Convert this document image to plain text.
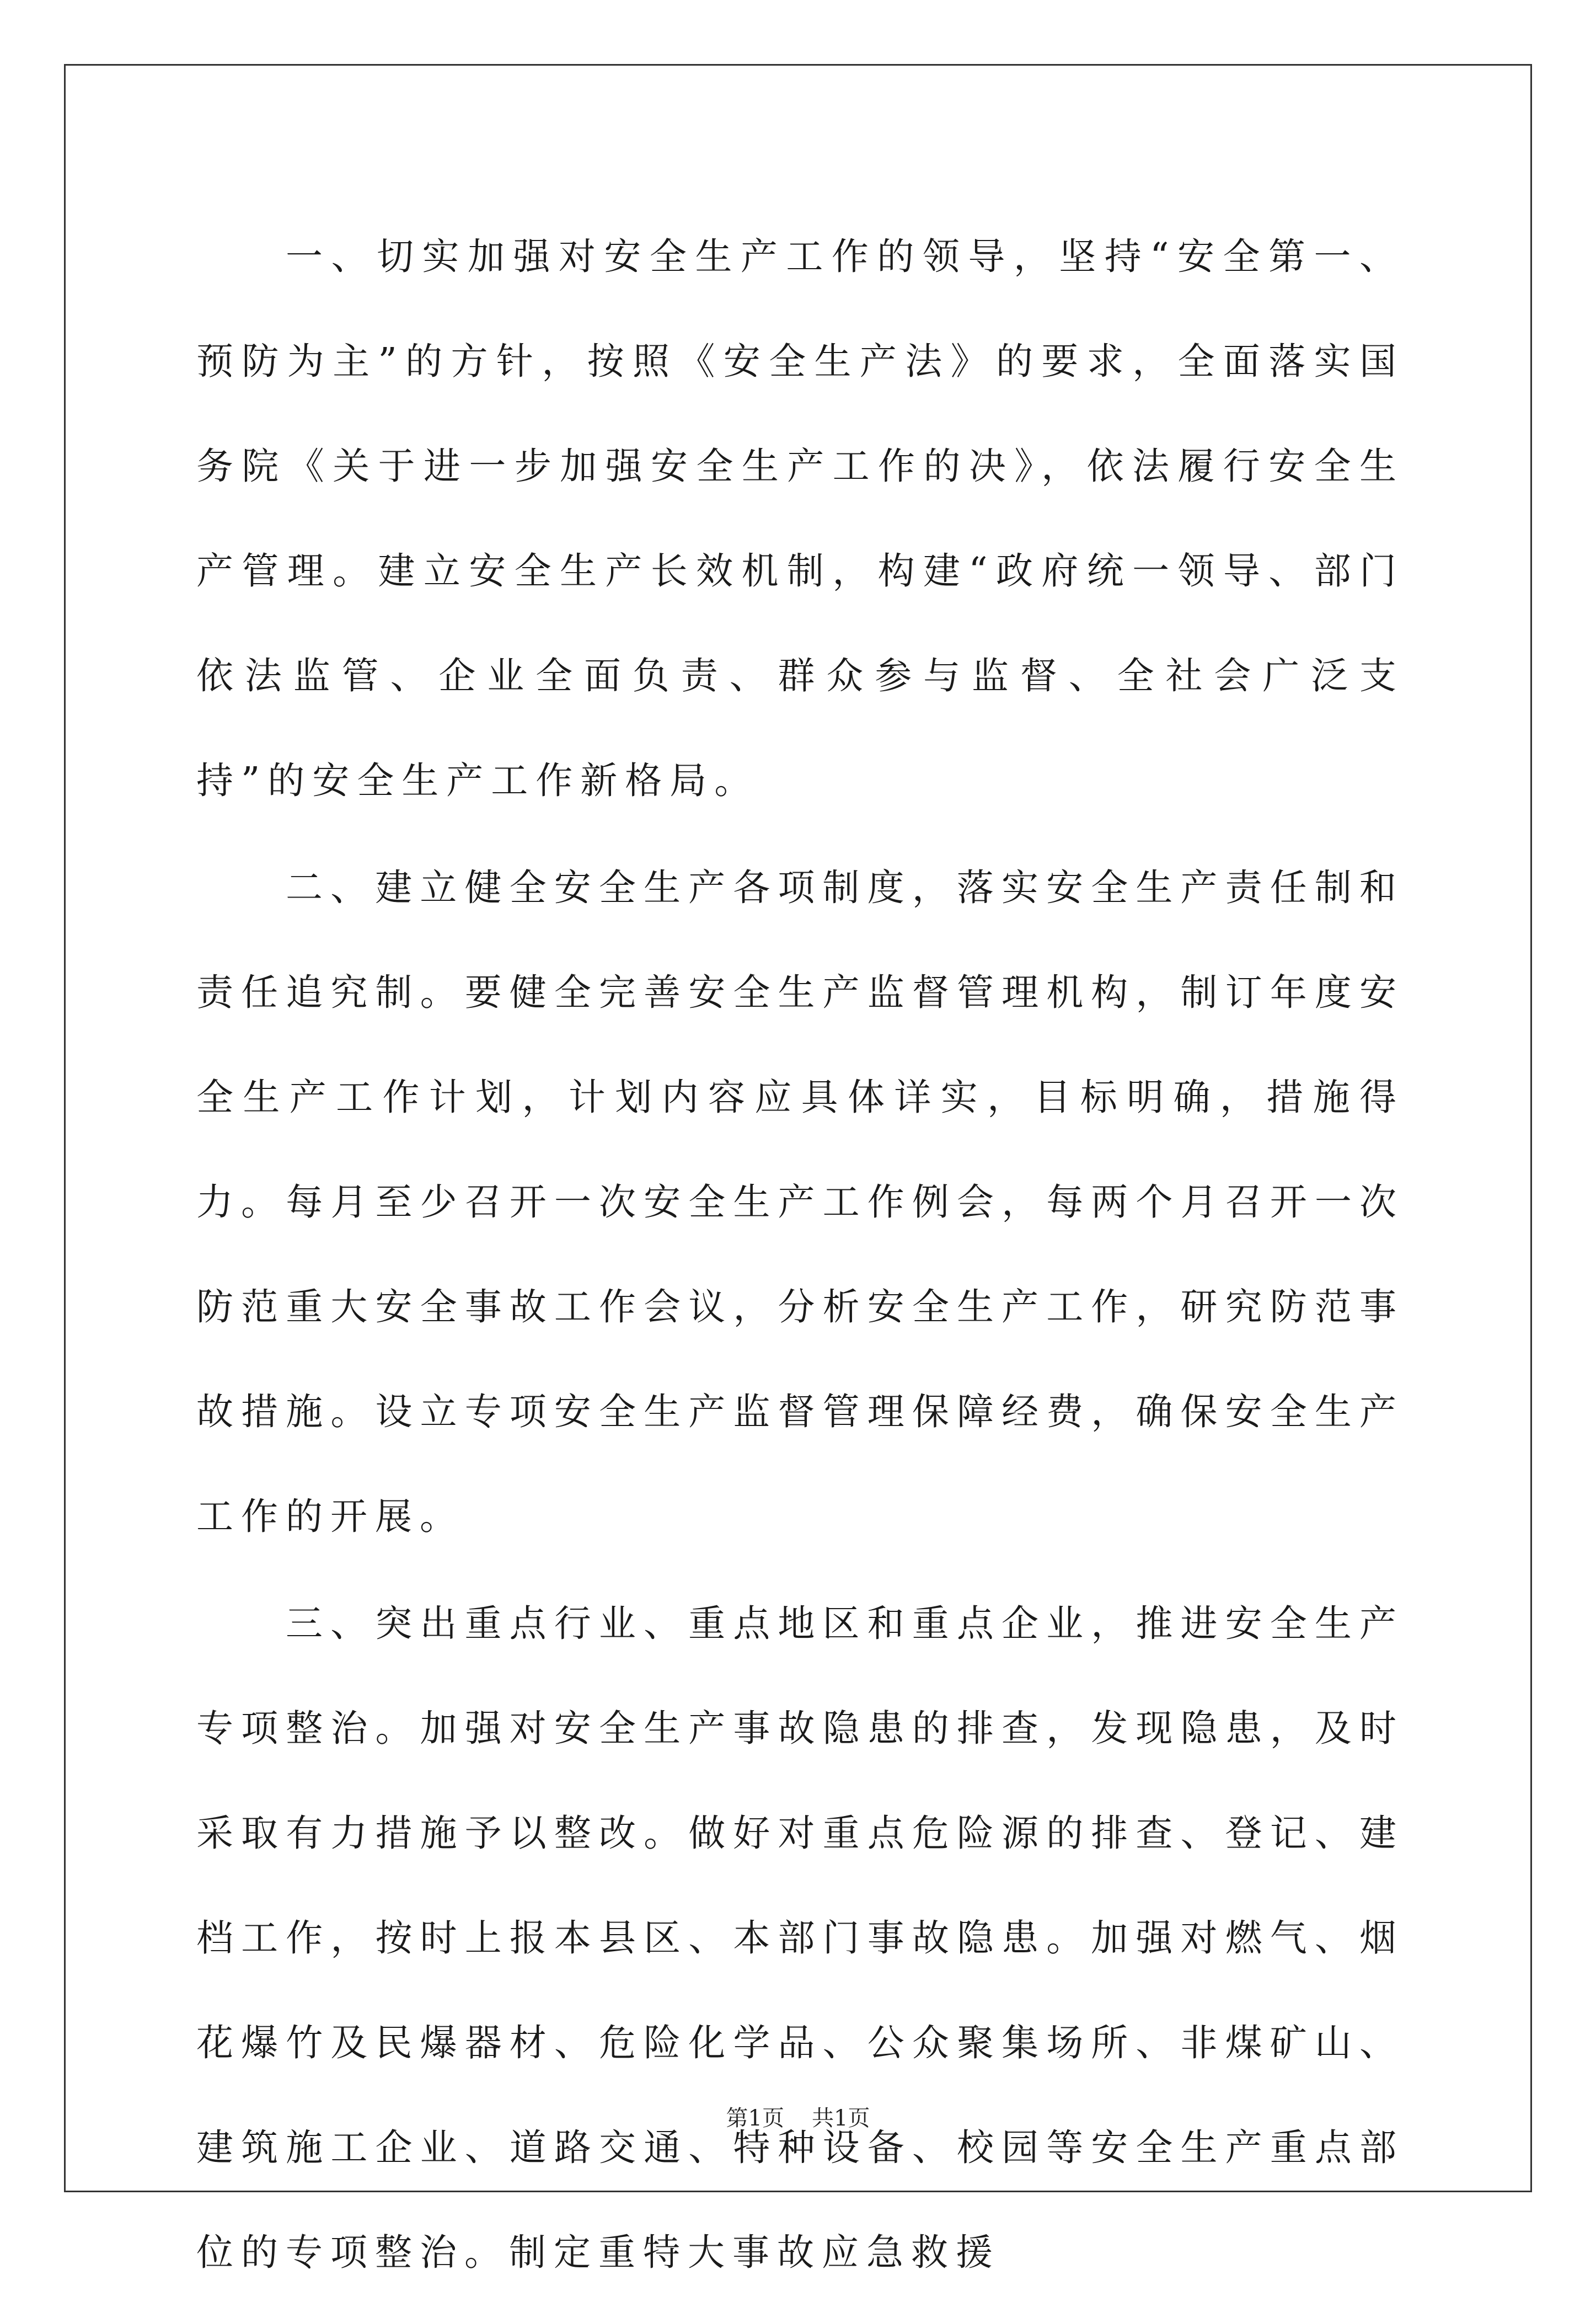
一、切实加强对安全生产工作的领导，坚持“安全第一、预防为主”的方针，按照《安全生产法》的要求，全面落实国务院《关于进一步加强安全生产工作的决》，依法履行安全生产管理。建立安全生产长效机制，构建“政府统一领导、部门依法监管、企业全面负责、群众参与监督、全社会广泛支持”的安全生产工作新格局。

二、建立健全安全生产各项制度，落实安全生产责任制和责任追究制。要健全完善安全生产监督管理机构，制订年度安全生产工作计划，计划内容应具体详实，目标明确，措施得力。每月至少召开一次安全生产工作例会，每两个月召开一次防范重大安全事故工作会议，分析安全生产工作，研究防范事故措施。设立专项安全生产监督管理保障经费，确保安全生产工作的开展。

三、突出重点行业、重点地区和重点企业，推进安全生产专项整治。加强对安全生产事故隐患的排查，发现隐患，及时采取有力措施予以整改。做好对重点危险源的排查、登记、建档工作，按时上报本县区、本部门事故隐患。加强对燃气、烟花爆竹及民爆器材、危险化学品、公众聚集场所、非煤矿山、建筑施工企业、道路交通、特种设备、校园等安全生产重点部位的专项整治。制定重特大事故应急救援

第1页 共1页
